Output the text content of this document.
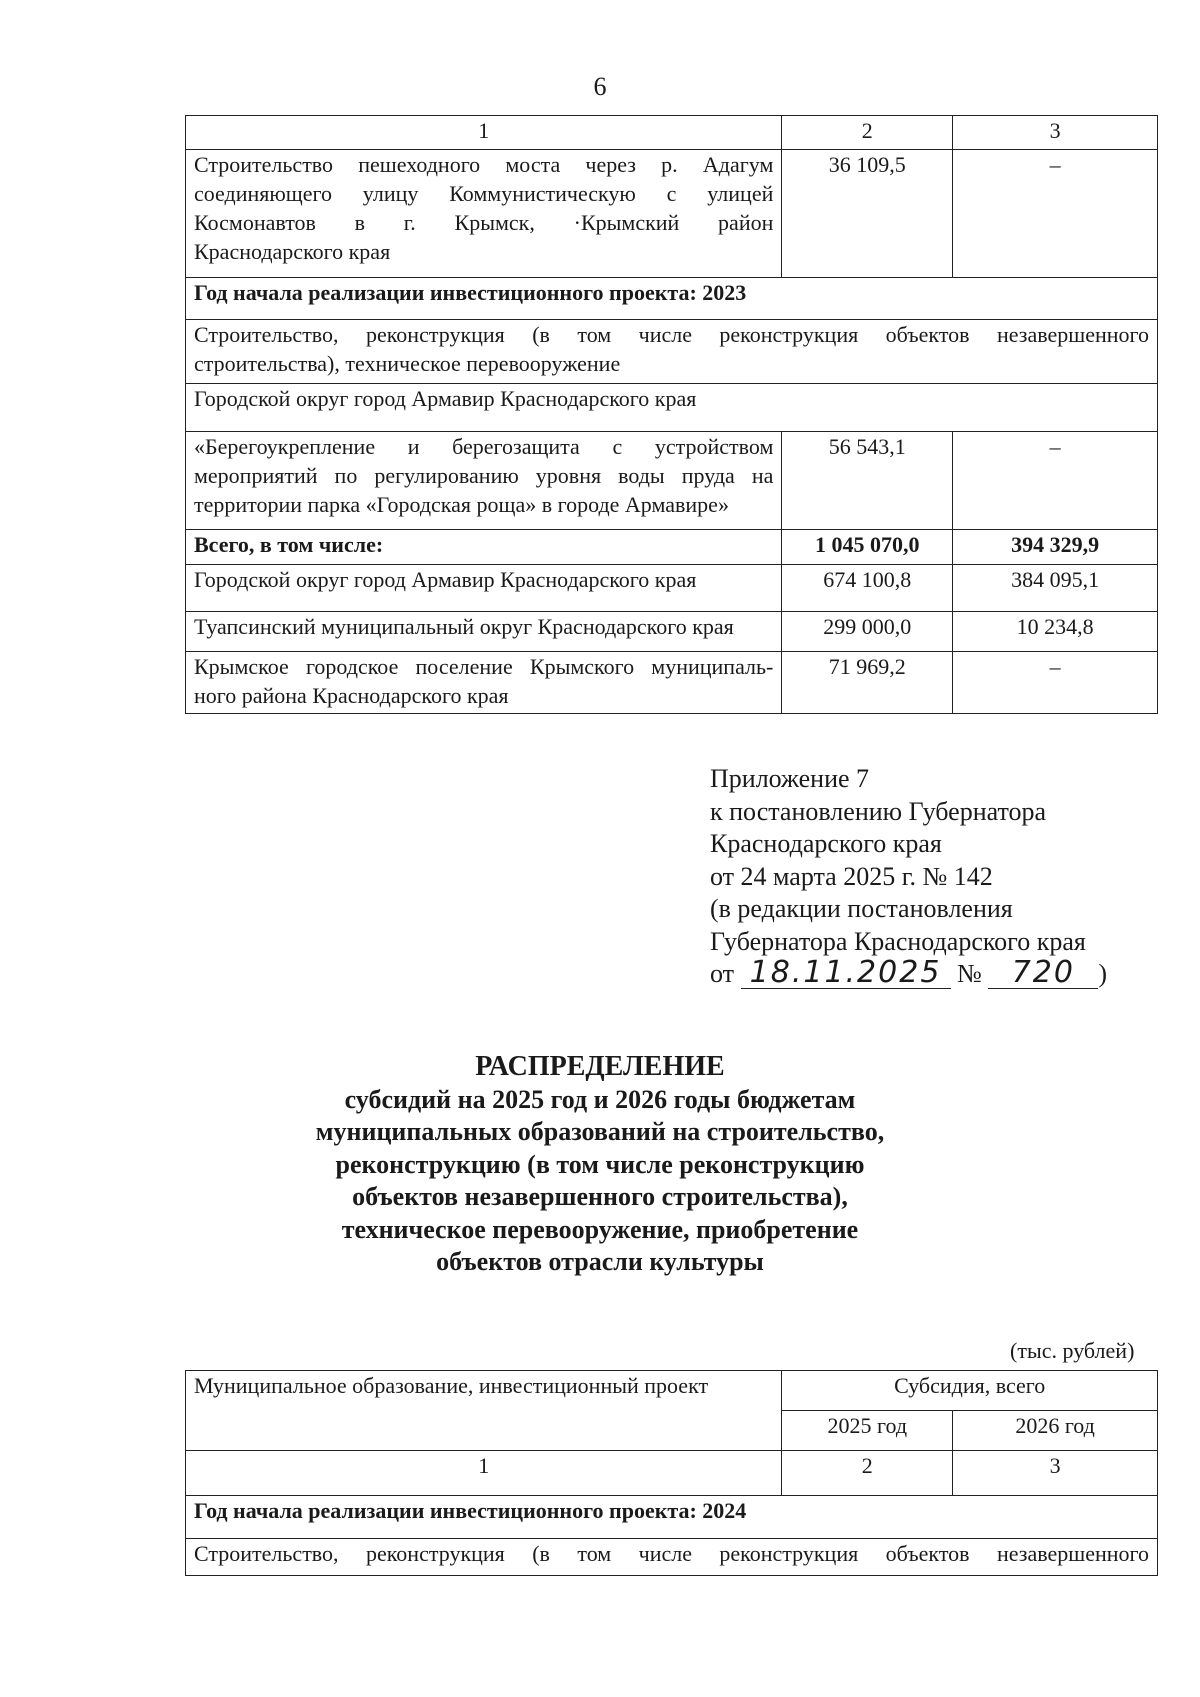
6
1	2	3

Строительство пешеходного моста через р. Адагум
соединяющего улицу Коммунистическую с улицей
Космонавтов в г. Крымск, ·Крымский район
Краснодарского края	36 109,5	–
Год начала реализации инвестиционного проекта: 2023		

Строительство, реконструкция (в том числе реконструкция объектов незавершенного
строительства), техническое перевооружение		

Городской округ город Армавир Краснодарского края		

«Берегоукрепление и берегозащита с устройством
мероприятий по регулированию уровня воды пруда на
территории парка «Городская роща» в городе Армавире»	56 543,1	–
Всего, в том числе:	1 045 070,0	394 329,9

Городской округ город Армавир Краснодарского края	674 100,8	384 095,1

Туапсинский муниципальный округ Краснодарского края	299 000,0	10 234,8

Крымское городское поселение Крымского муниципаль-
ного района Краснодарского края	71 969,2	–
Приложение 7
к постановлению Губернатора
Краснодарского края
от 24 марта 2025 г. № 142
(в редакции постановления
Губернатора Краснодарского края
от 18.11.2025 № 720 )
РАСПРЕДЕЛЕНИЕ
субсидий на 2025 год и 2026 годы бюджетам
муниципальных образований на строительство,
реконструкцию (в том числе реконструкцию
объектов незавершенного строительства),
техническое перевооружение, приобретение
объектов отрасли культуры
(тыс. рублей)
Муниципальное образование, инвестиционный проект	Субсидия, всего	
	2025 год	2026 год
1	2	3
Год начала реализации инвестиционного проекта: 2024		

Строительство, реконструкция (в том числе реконструкция объектов незавершенного		
